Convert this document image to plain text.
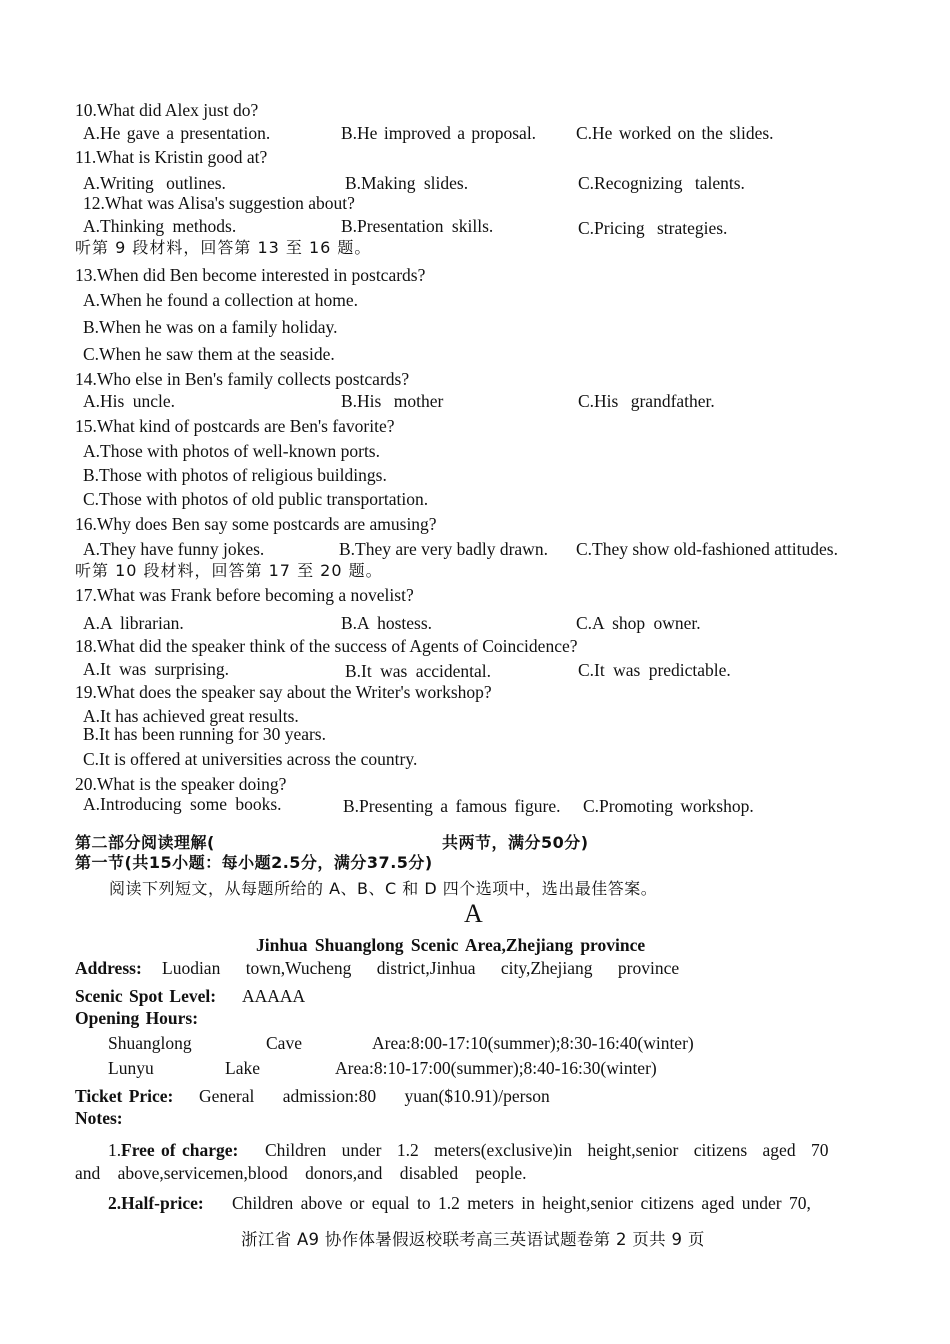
10.What did Alex just do?
A.He gave a presentation.	B.He improved a proposal. C.He worked on the slides.
11.What is Kristin good at?
A.Writing outlines.	B.Making slides.	C.Recognizing talents.
12.What was Alisa's suggestion about?
A.Thinking methods.	B.Presentation skills.	C.Pricing strategies.
听第 9 段材料，回答第 13 至 16 题。
13.When did Ben become interested in postcards?
A.When he found a collection at home.
B.When he was on a family holiday.
C.When he saw them at the seaside.
14.Who else in Ben's family collects postcards?
A.His uncle.	B.His mother	C.His grandfather.
15.What kind of postcards are Ben's favorite?
A.Those with photos of well-known ports.
B.Those with photos of religious buildings.
C.Those with photos of old public transportation.
16.Why does Ben say some postcards are amusing?
A.They have funny jokes.	B.They are very badly drawn. C.They show old-fashioned attitudes.
听第 10 段材料，回答第 17 至 20 题。
17.What was Frank before becoming a novelist?
A.A librarian.	B.A hostess.	C.A shop owner.
18.What did the speaker think of the success of Agents of Coincidence?
A.It was surprising.	B.It was accidental.	C.It was predictable.
19.What does the speaker say about the Writer's workshop?
A.It has achieved great results.
B.It has been running for 30 years.
C.It is offered at universities across the country.
20.What is the speaker doing?
A.Introducing some books.	B.Presenting a famous figure. C.Promoting workshop.
第二部分阅读理解(	共两节，满分50分)
第一节(共15小题：每小题2.5分，满分37.5分)
阅读下列短文，从每题所给的 A、B、C 和 D 四个选项中，选出最佳答案。
A
Jinhua Shuanglong Scenic Area,Zhejiang province
Address: Luodian town,Wucheng district,Jinhua city,Zhejiang province
Scenic Spot Level: AAAAA
Opening Hours:
Shuanglong	Cave	Area:8:00-17:10(summer);8:30-16:40(winter)
Lunyu	Lake	Area:8:10-17:00(summer);8:40-16:30(winter)
Ticket Price: General admission:80 yuan($10.91)/person
Notes:
1. Free of charge: Children under 1.2 meters(exclusive)in height,senior citizens aged 70
and above,servicemen,blood donors,and disabled people.
2.Half-price: Children above or equal to 1.2 meters in height,senior citizens aged under 70,
浙江省 A9 协作体暑假返校联考高三英语试题卷第 2 页共 9 页
